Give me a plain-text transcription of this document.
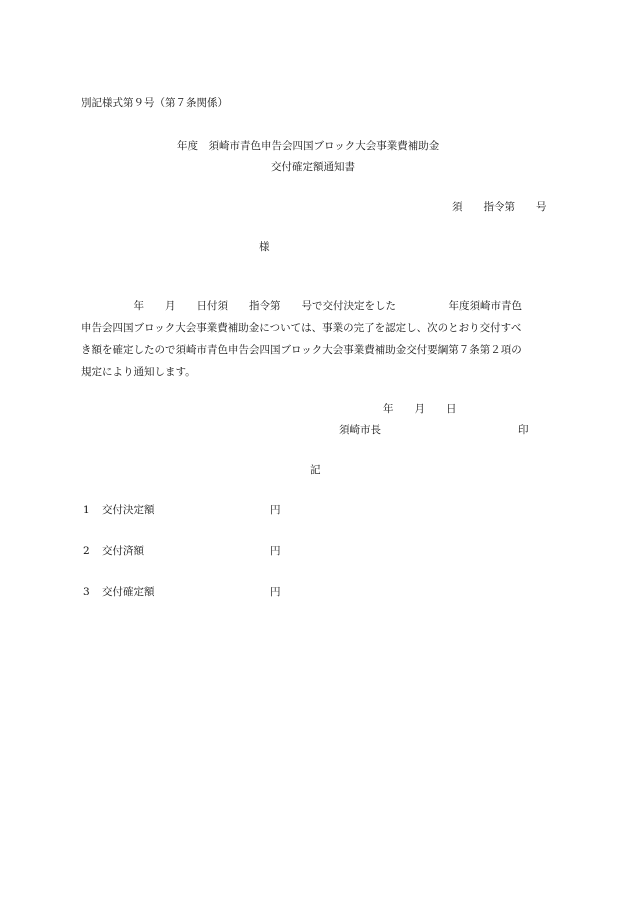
別記様式第９号（第７条関係）

年度　須崎市青色申告会四国ブロック大会事業費補助金

交付確定額通知書

須　　指令第　　号

様

　　　　　年　　月　　日付須　　指令第　　号で交付決定をした　　　　　年度須崎市青色
申告会四国ブロック大会事業費補助金については、事業の完了を認定し、次のとおり交付すべ
き額を確定したので須崎市青色申告会四国ブロック大会事業費補助金交付要綱第７条第２項の
規定により通知します。

年　　月　　日

須崎市長	印

記

1 交付決定額	円

2 交付済額	円

3 交付確定額	円
